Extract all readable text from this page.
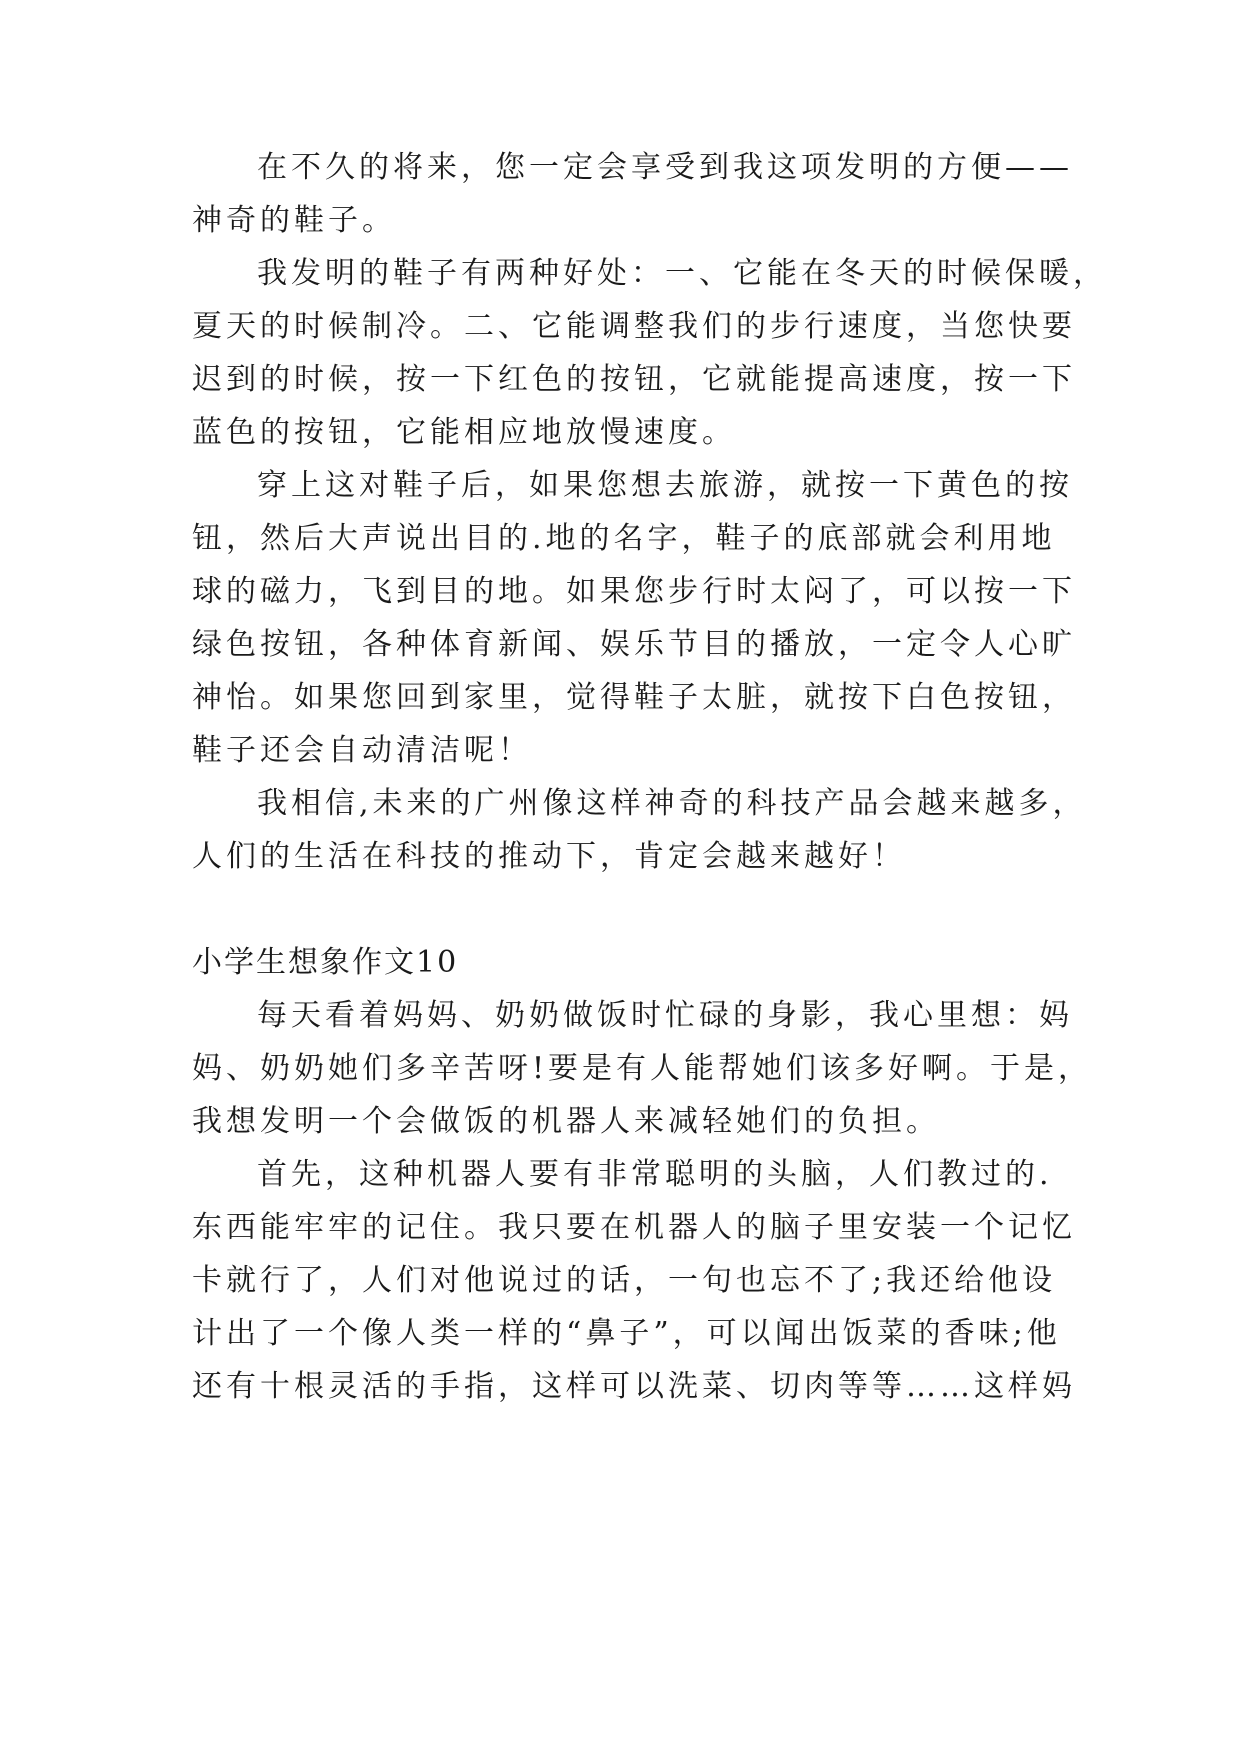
在不久的将来，您一定会享受到我这项发明的方便——
神奇的鞋子。
我发明的鞋子有两种好处：一、它能在冬天的时候保暖，
夏天的时候制冷。二、它能调整我们的步行速度，当您快要
迟到的时候，按一下红色的按钮，它就能提高速度，按一下
蓝色的按钮，它能相应地放慢速度。
穿上这对鞋子后，如果您想去旅游，就按一下黄色的按
钮，然后大声说出目的.地的名字，鞋子的底部就会利用地
球的磁力，飞到目的地。如果您步行时太闷了，可以按一下
绿色按钮，各种体育新闻、娱乐节目的播放，一定令人心旷
神怡。如果您回到家里，觉得鞋子太脏，就按下白色按钮，
鞋子还会自动清洁呢！
我相信,未来的广州像这样神奇的科技产品会越来越多，
人们的生活在科技的推动下，肯定会越来越好！
小学生想象作文10
每天看着妈妈、奶奶做饭时忙碌的身影，我心里想：妈
妈、奶奶她们多辛苦呀!要是有人能帮她们该多好啊。于是，
我想发明一个会做饭的机器人来减轻她们的负担。
首先，这种机器人要有非常聪明的头脑，人们教过的.
东西能牢牢的记住。我只要在机器人的脑子里安装一个记忆
卡就行了，人们对他说过的话，一句也忘不了;我还给他设
计出了一个像人类一样的“鼻子”，可以闻出饭菜的香味;他
还有十根灵活的手指，这样可以洗菜、切肉等等……这样妈
